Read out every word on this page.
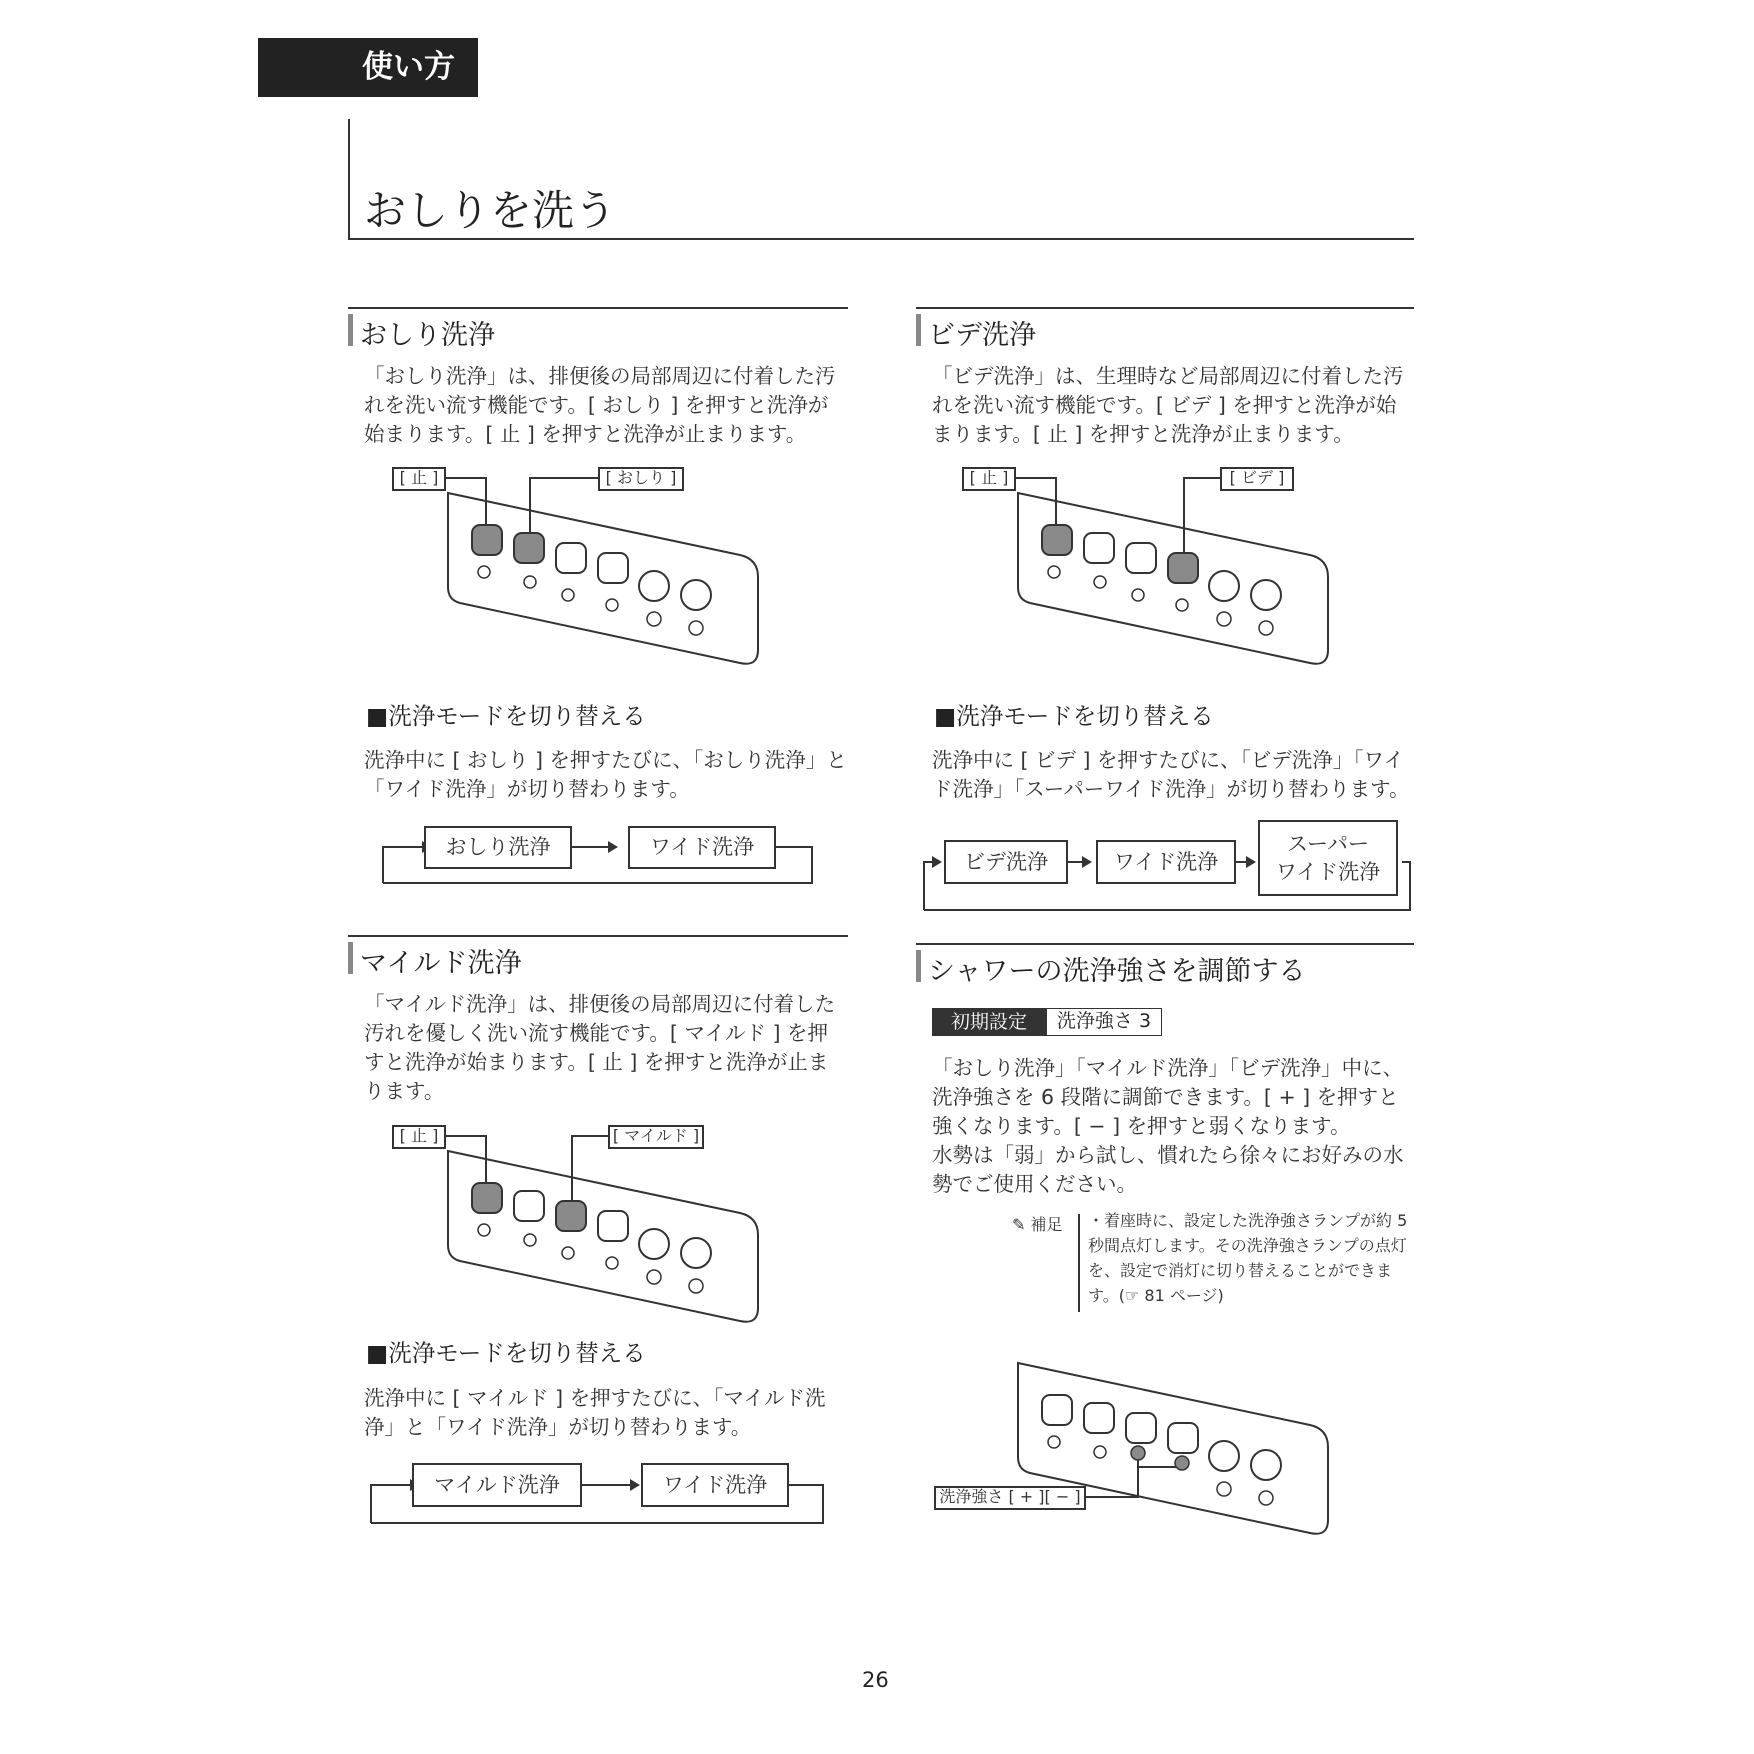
使い方
おしりを洗う
おしり洗浄
「おしり洗浄」は、排便後の局部周辺に付着した汚れを洗い流す機能です。[ おしり ] を押すと洗浄が始まります。[ 止 ] を押すと洗浄が止まります。
[ 止 ]	[ おしり ]
■洗浄モードを切り替える
洗浄中に [ おしり ] を押すたびに、「おしり洗浄」と「ワイド洗浄」が切り替わります。
おしり洗浄	ワイド洗浄
マイルド洗浄
「マイルド洗浄」は、排便後の局部周辺に付着した汚れを優しく洗い流す機能です。[ マイルド ] を押すと洗浄が始まります。[ 止 ] を押すと洗浄が止まります。
[ 止 ]	[ マイルド ]
■洗浄モードを切り替える
洗浄中に [ マイルド ] を押すたびに、「マイルド洗浄」と「ワイド洗浄」が切り替わります。
マイルド洗浄	ワイド洗浄
ビデ洗浄
「ビデ洗浄」は、生理時など局部周辺に付着した汚れを洗い流す機能です。[ ビデ ] を押すと洗浄が始まります。[ 止 ] を押すと洗浄が止まります。
[ 止 ]	[ ビデ ]
■洗浄モードを切り替える
洗浄中に [ ビデ ] を押すたびに、「ビデ洗浄」「ワイド洗浄」「スーパーワイド洗浄」が切り替わります。
ビデ洗浄	ワイド洗浄
スーパー
ワイド洗浄
シャワーの洗浄強さを調節する
初期設定	洗浄強さ 3
「おしり洗浄」「マイルド洗浄」「ビデ洗浄」中に、洗浄強さを 6 段階に調節できます。[ + ] を押すと強くなります。[ − ] を押すと弱くなります。
水勢は「弱」から試し、慣れたら徐々にお好みの水勢でご使用ください。
✎ 補足 ・着座時に、設定した洗浄強さランプが約 5 秒間点灯します。その洗浄強さランプの点灯を、設定で消灯に切り替えることができます。(☞ 81 ページ)
洗浄強さ [ + ][ − ]
26
